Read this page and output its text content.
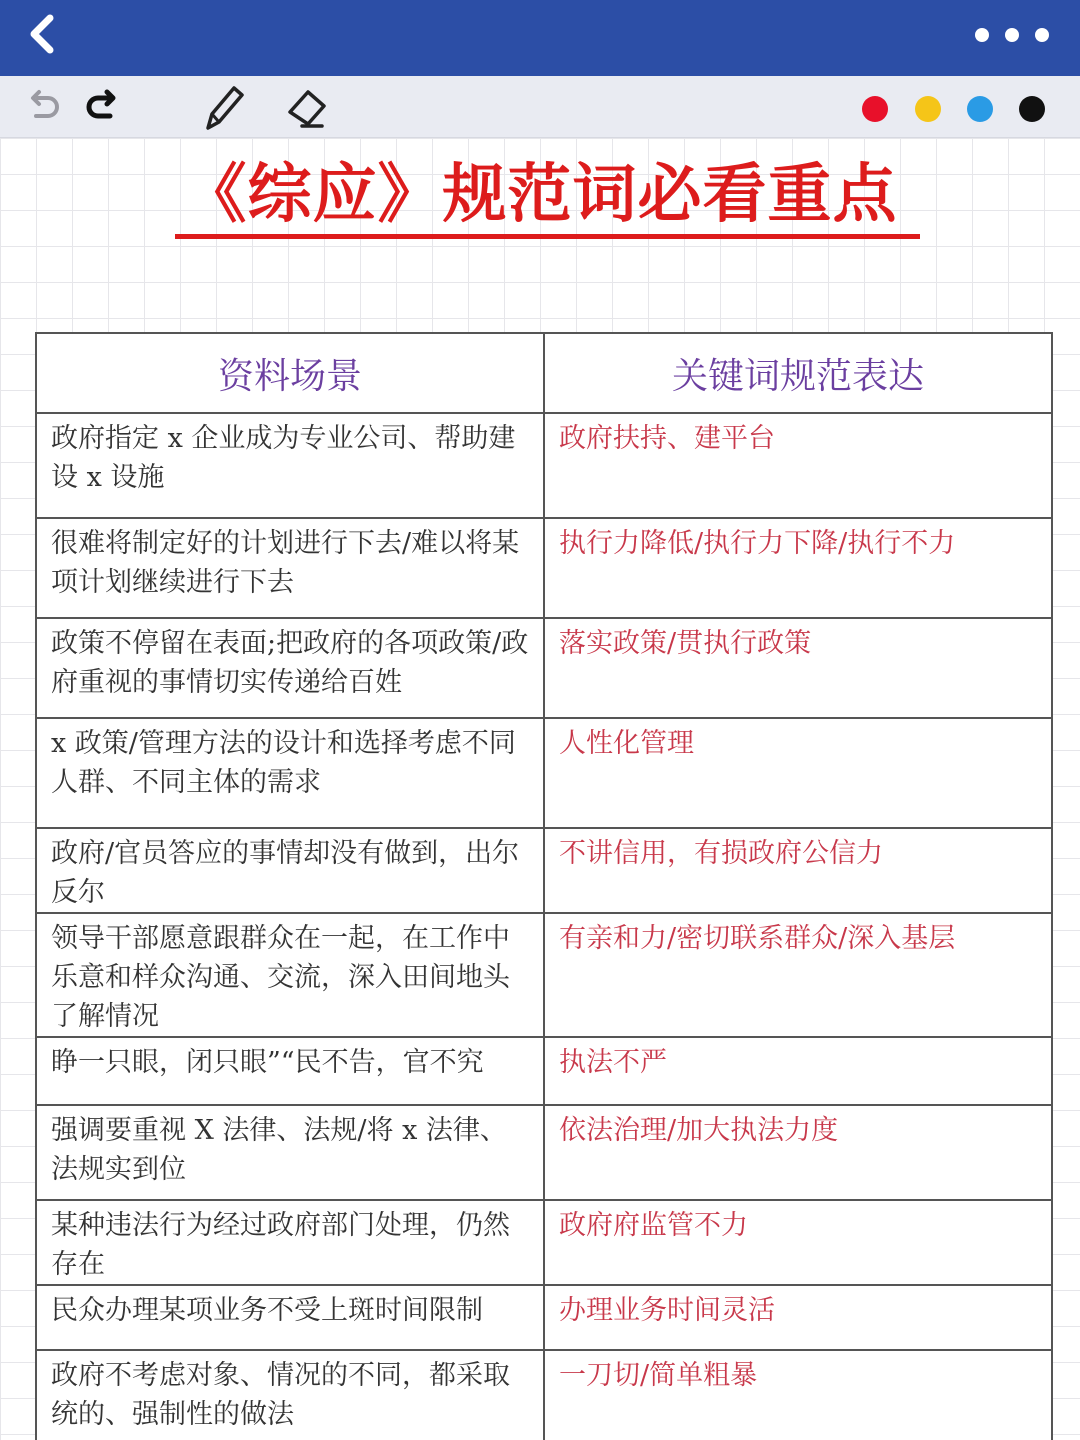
《综应》规范词必看重点
资料场景	关键词规范表达
政府指定 x 企业成为专业公司、帮助建设 x 设施	政府扶持、建平台
很难将制定好的计划进行下去/难以将某项计划继续进行下去	执行力降低/执行力下降/执行不力
政策不停留在表面;把政府的各项政策/政府重视的事情切实传递给百姓	落实政策/贯执行政策
x 政策/管理方法的设计和选择考虑不同人群、不同主体的需求	人性化管理
政府/官员答应的事情却没有做到，出尔反尔	不讲信用，有损政府公信力
领导干部愿意跟群众在一起，在工作中乐意和样众沟通、交流，深入田间地头了解情况	有亲和力/密切联系群众/深入基层
睁一只眼，闭只眼”“民不告，官不究	执法不严
强调要重视 X 法律、法规/将 x 法律、法规实到位	依法治理/加大执法力度
某种违法行为经过政府部门处理，仍然存在	政府府监管不力
民众办理某项业务不受上斑时间限制	办理业务时间灵活
政府不考虑对象、情况的不同，都采取统的、强制性的做法	一刀切/简单粗暴
